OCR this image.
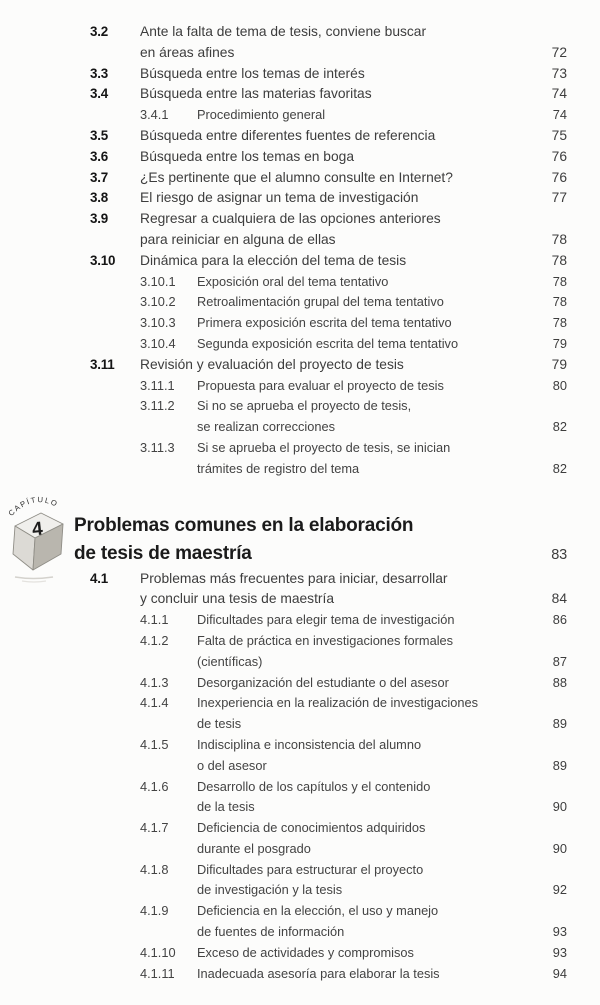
3.2	Ante la falta de tema de tesis, conviene buscar
en áreas afines	72
3.3	Búsqueda entre los temas de interés	73
3.4	Búsqueda entre las materias favoritas	74
3.4.1	Procedimiento general	74
3.5	Búsqueda entre diferentes fuentes de referencia	75
3.6	Búsqueda entre los temas en boga	76
3.7	¿Es pertinente que el alumno consulte en Internet?	76
3.8	El riesgo de asignar un tema de investigación	77
3.9	Regresar a cualquiera de las opciones anteriores
para reiniciar en alguna de ellas	78
3.10	Dinámica para la elección del tema de tesis	78
3.10.1	Exposición oral del tema tentativo	78
3.10.2	Retroalimentación grupal del tema tentativo	78
3.10.3	Primera exposición escrita del tema tentativo	78
3.10.4	Segunda exposición escrita del tema tentativo	79
3.11	Revisión y evaluación del proyecto de tesis	79
3.11.1	Propuesta para evaluar el proyecto de tesis	80
3.11.2	Si no se aprueba el proyecto de tesis,
se realizan correcciones	82
3.11.3	Si se aprueba el proyecto de tesis, se inician
trámites de registro del tema	82
CAPÍTULO
4 Problemas comunes en la elaboración
de tesis de maestría	83
4.1	Problemas más frecuentes para iniciar, desarrollar
y concluir una tesis de maestría	84
4.1.1	Dificultades para elegir tema de investigación	86
4.1.2	Falta de práctica en investigaciones formales
(científicas)	87
4.1.3	Desorganización del estudiante o del asesor	88
4.1.4	Inexperiencia en la realización de investigaciones
de tesis	89
4.1.5	Indisciplina e inconsistencia del alumno
o del asesor	89
4.1.6	Desarrollo de los capítulos y el contenido
de la tesis	90
4.1.7	Deficiencia de conocimientos adquiridos
durante el posgrado	90
4.1.8	Dificultades para estructurar el proyecto
de investigación y la tesis	92
4.1.9	Deficiencia en la elección, el uso y manejo
de fuentes de información	93
4.1.10	Exceso de actividades y compromisos	93
4.1.11	Inadecuada asesoría para elaborar la tesis	94
